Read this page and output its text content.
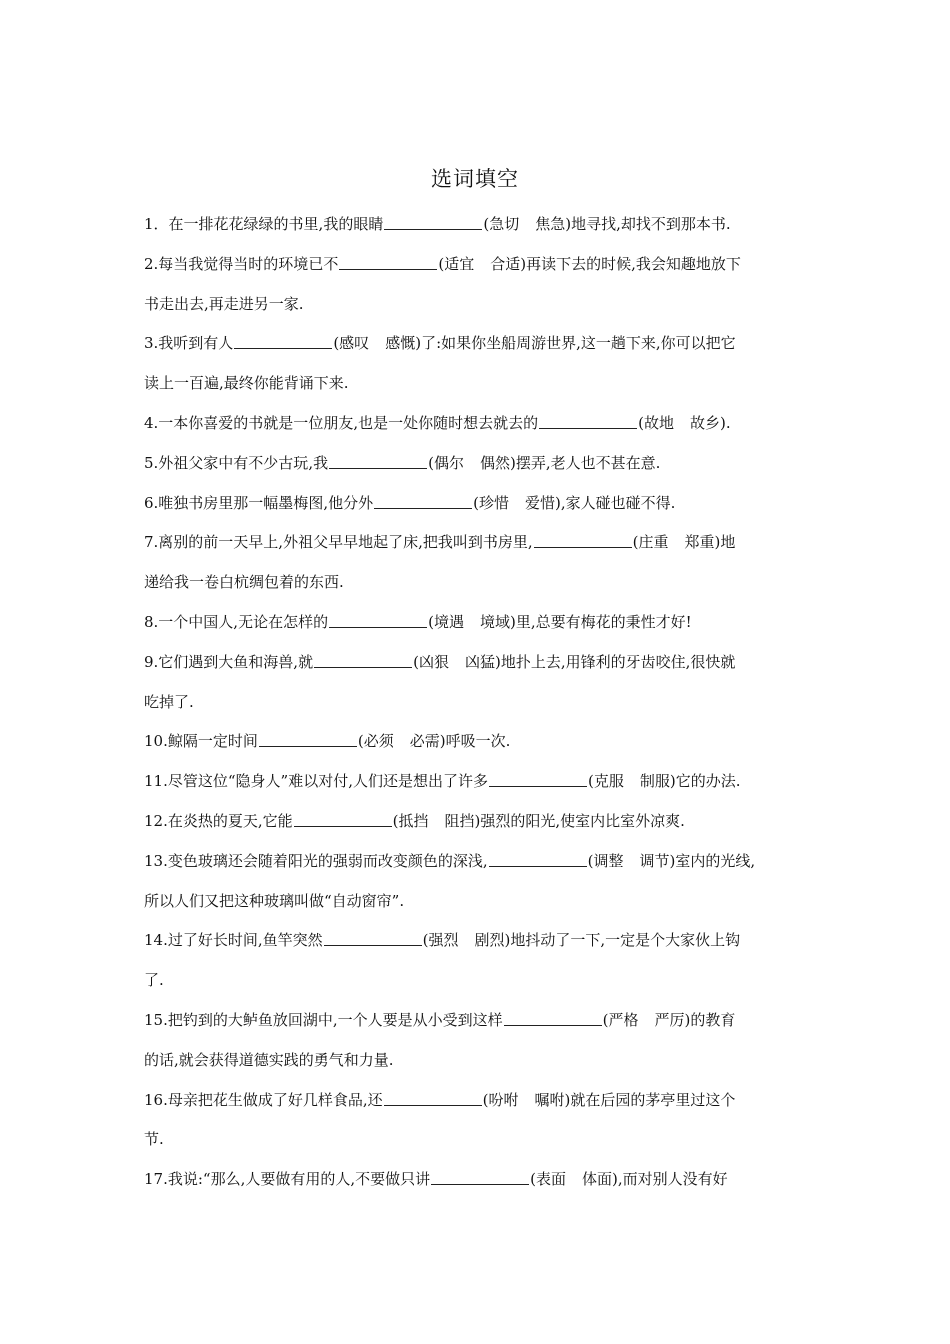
选词填空
1．在一排花花绿绿的书里,我的眼睛	(急切 焦急)地寻找,却找不到那本书.
2.每当我觉得当时的环境已不	(适宜 合适)再读下去的时候,我会知趣地放下
书走出去,再走进另一家.
3.我听到有人	(感叹 感慨)了:如果你坐船周游世界,这一趟下来,你可以把它
读上一百遍,最终你能背诵下来.
4.一本你喜爱的书就是一位朋友,也是一处你随时想去就去的	(故地 故乡).
5.外祖父家中有不少古玩,我	(偶尔 偶然)摆弄,老人也不甚在意.
6.唯独书房里那一幅墨梅图,他分外	(珍惜 爱惜),家人碰也碰不得.
7.离别的前一天早上,外祖父早早地起了床,把我叫到书房里,	(庄重 郑重)地
递给我一卷白杭绸包着的东西.
8.一个中国人,无论在怎样的	(境遇 境域)里,总要有梅花的秉性才好!
9.它们遇到大鱼和海兽,就	(凶狠 凶猛)地扑上去,用锋利的牙齿咬住,很快就
吃掉了.
10.鲸隔一定时间	(必须 必需)呼吸一次.
11.尽管这位“隐身人”难以对付,人们还是想出了许多	(克服 制服)它的办法.
12.在炎热的夏天,它能	(抵挡 阻挡)强烈的阳光,使室内比室外凉爽.
13.变色玻璃还会随着阳光的强弱而改变颜色的深浅,	(调整 调节)室内的光线,
所以人们又把这种玻璃叫做“自动窗帘”.
14.过了好长时间,鱼竿突然	(强烈 剧烈)地抖动了一下,一定是个大家伙上钩
了.
15.把钓到的大鲈鱼放回湖中,一个人要是从小受到这样	(严格 严厉)的教育
的话,就会获得道德实践的勇气和力量.
16.母亲把花生做成了好几样食品,还	(吩咐 嘱咐)就在后园的茅亭里过这个
节.
17.我说:“那么,人要做有用的人,不要做只讲	(表面 体面),而对别人没有好
